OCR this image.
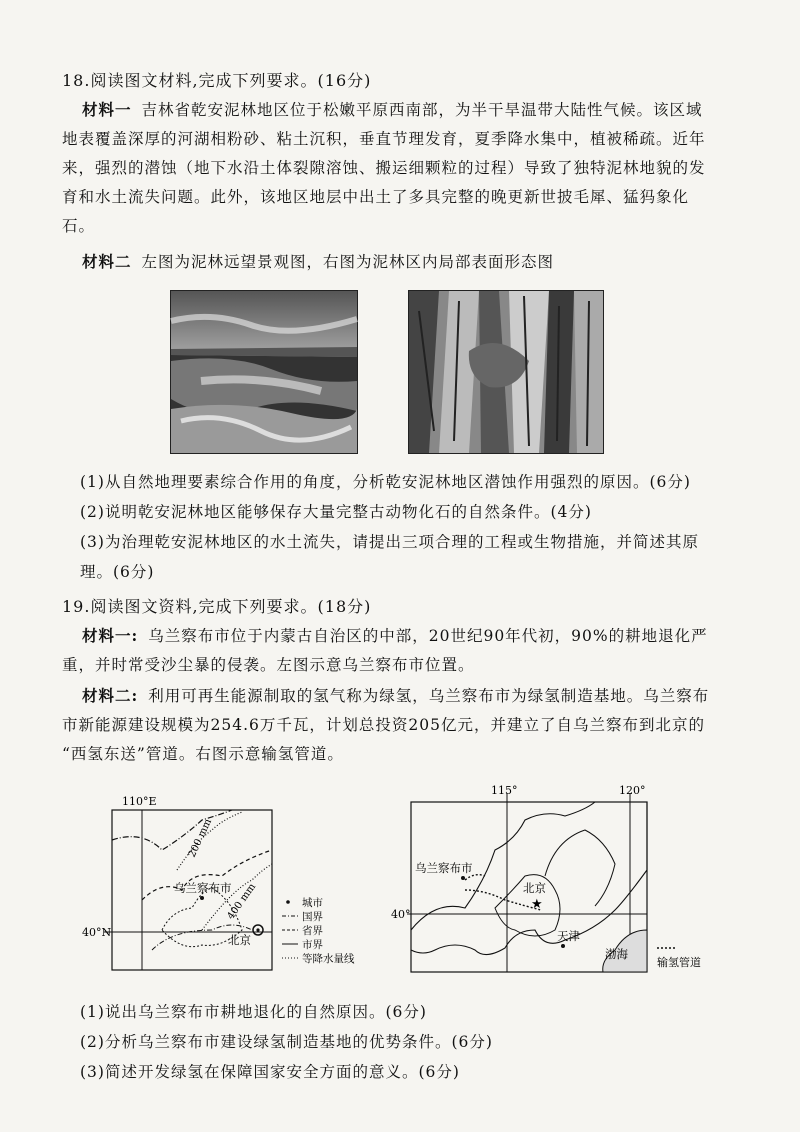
18.阅读图文材料,完成下列要求。(16分)
材料一 吉林省乾安泥林地区位于松嫩平原西南部，为半干旱温带大陆性气候。该区域
地表覆盖深厚的河湖相粉砂、粘土沉积，垂直节理发育，夏季降水集中，植被稀疏。近年
来，强烈的潜蚀（地下水沿土体裂隙溶蚀、搬运细颗粒的过程）导致了独特泥林地貌的发
育和水土流失问题。此外，该地区地层中出土了多具完整的晚更新世披毛犀、猛犸象化
石。
材料二 左图为泥林远望景观图，右图为泥林区内局部表面形态图
(1)从自然地理要素综合作用的角度，分析乾安泥林地区潜蚀作用强烈的原因。(6分)
(2)说明乾安泥林地区能够保存大量完整古动物化石的自然条件。(4分)
(3)为治理乾安泥林地区的水土流失，请提出三项合理的工程或生物措施，并简述其原
理。(6分)
19.阅读图文资料,完成下列要求。(18分)
材料一: 乌兰察布市位于内蒙古自治区的中部，20世纪90年代初，90%的耕地退化严
重，并时常受沙尘暴的侵袭。左图示意乌兰察布市位置。
材料二: 利用可再生能源制取的氢气称为绿氢，乌兰察布市为绿氢制造基地。乌兰察布
市新能源建设规模为254.6万千瓦，计划总投资205亿元，并建立了自乌兰察布到北京的
“西氢东送”管道。右图示意输氢管道。
110°E
40°N
200 mm
400 mm
乌兰察布市
北京
城市
国界
省界
市界
等降水量线
115°	120°
40°
乌兰察布市
★
北京
天津
渤海
输氢管道
(1)说出乌兰察布市耕地退化的自然原因。(6分)
(2)分析乌兰察布市建设绿氢制造基地的优势条件。(6分)
(3)简述开发绿氢在保障国家安全方面的意义。(6分)
